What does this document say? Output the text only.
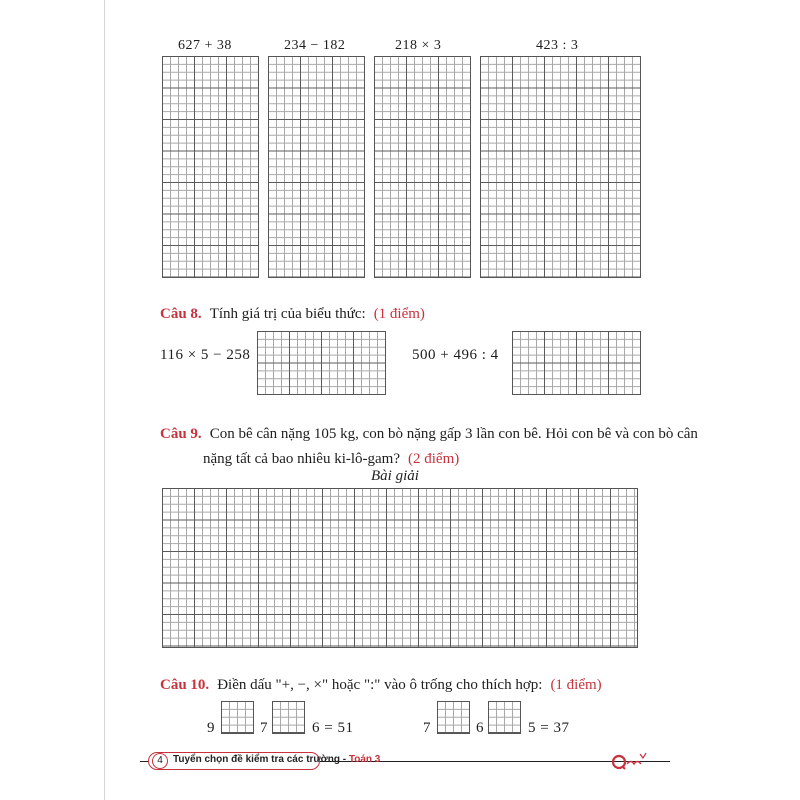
627 + 38	234 − 182	218 × 3	423 : 3
Câu 8. Tính giá trị của biểu thức: (1 điểm)
116 × 5 − 258	500 + 496 : 4
Câu 9. Con bê cân nặng 105 kg, con bò nặng gấp 3 lần con bê. Hỏi con bê và con bò cân
nặng tất cả bao nhiêu ki-lô-gam? (2 điểm)
Bài giải
Câu 10. Điền dấu "+, −, ×" hoặc ":" vào ô trống cho thích hợp: (1 điểm)
9	7	6 = 51	7	6	5 = 37
4	Tuyển chọn đề kiểm tra các trường - Toán 3
